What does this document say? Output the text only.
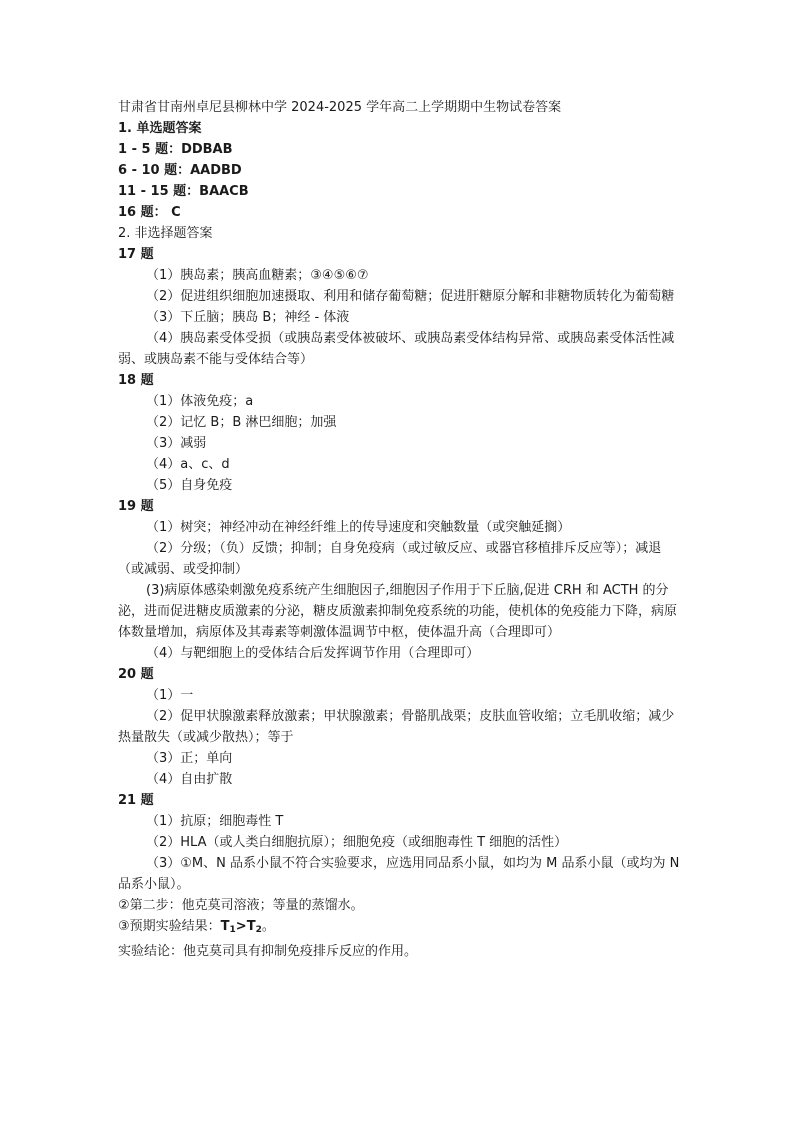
甘肃省甘南州卓尼县柳林中学 2024-2025 学年高二上学期期中生物试卷答案

1. 单选题答案

1 - 5 题：DDBAB

6 - 10 题：AADBD

11 - 15 题：BAACB

16 题： C

2. 非选择题答案

17 题

（1）胰岛素；胰高血糖素；③④⑤⑥⑦

（2）促进组织细胞加速摄取、利用和储存葡萄糖；促进肝糖原分解和非糖物质转化为葡萄糖

（3）下丘脑；胰岛 B；神经 - 体液

（4）胰岛素受体受损（或胰岛素受体被破坏、或胰岛素受体结构异常、或胰岛素受体活性减弱、或胰岛素不能与受体结合等）

18 题

（1）体液免疫；a

（2）记忆 B；B 淋巴细胞；加强

（3）减弱

（4）a、c、d

（5）自身免疫

19 题

（1）树突；神经冲动在神经纤维上的传导速度和突触数量（或突触延搁）

（2）分级；（负）反馈；抑制；自身免疫病（或过敏反应、或器官移植排斥反应等）；减退（或减弱、或受抑制）

(3)病原体感染刺激免疫系统产生细胞因子,细胞因子作用于下丘脑,促进 CRH 和 ACTH 的分泌，进而促进糖皮质激素的分泌，糖皮质激素抑制免疫系统的功能，使机体的免疫能力下降，病原体数量增加，病原体及其毒素等刺激体温调节中枢，使体温升高（合理即可）

（4）与靶细胞上的受体结合后发挥调节作用（合理即可）

20 题

（1）一

（2）促甲状腺激素释放激素；甲状腺激素；骨骼肌战栗；皮肤血管收缩；立毛肌收缩；减少热量散失（或减少散热）；等于

（3）正；单向

（4）自由扩散

21 题

（1）抗原；细胞毒性 T

（2）HLA（或人类白细胞抗原）；细胞免疫（或细胞毒性 T 细胞的活性）

（3）①M、N 品系小鼠不符合实验要求，应选用同品系小鼠，如均为 M 品系小鼠（或均为 N 品系小鼠）。

②第二步：他克莫司溶液；等量的蒸馏水。

③预期实验结果：$T_1>T_2$。

实验结论：他克莫司具有抑制免疫排斥反应的作用。
